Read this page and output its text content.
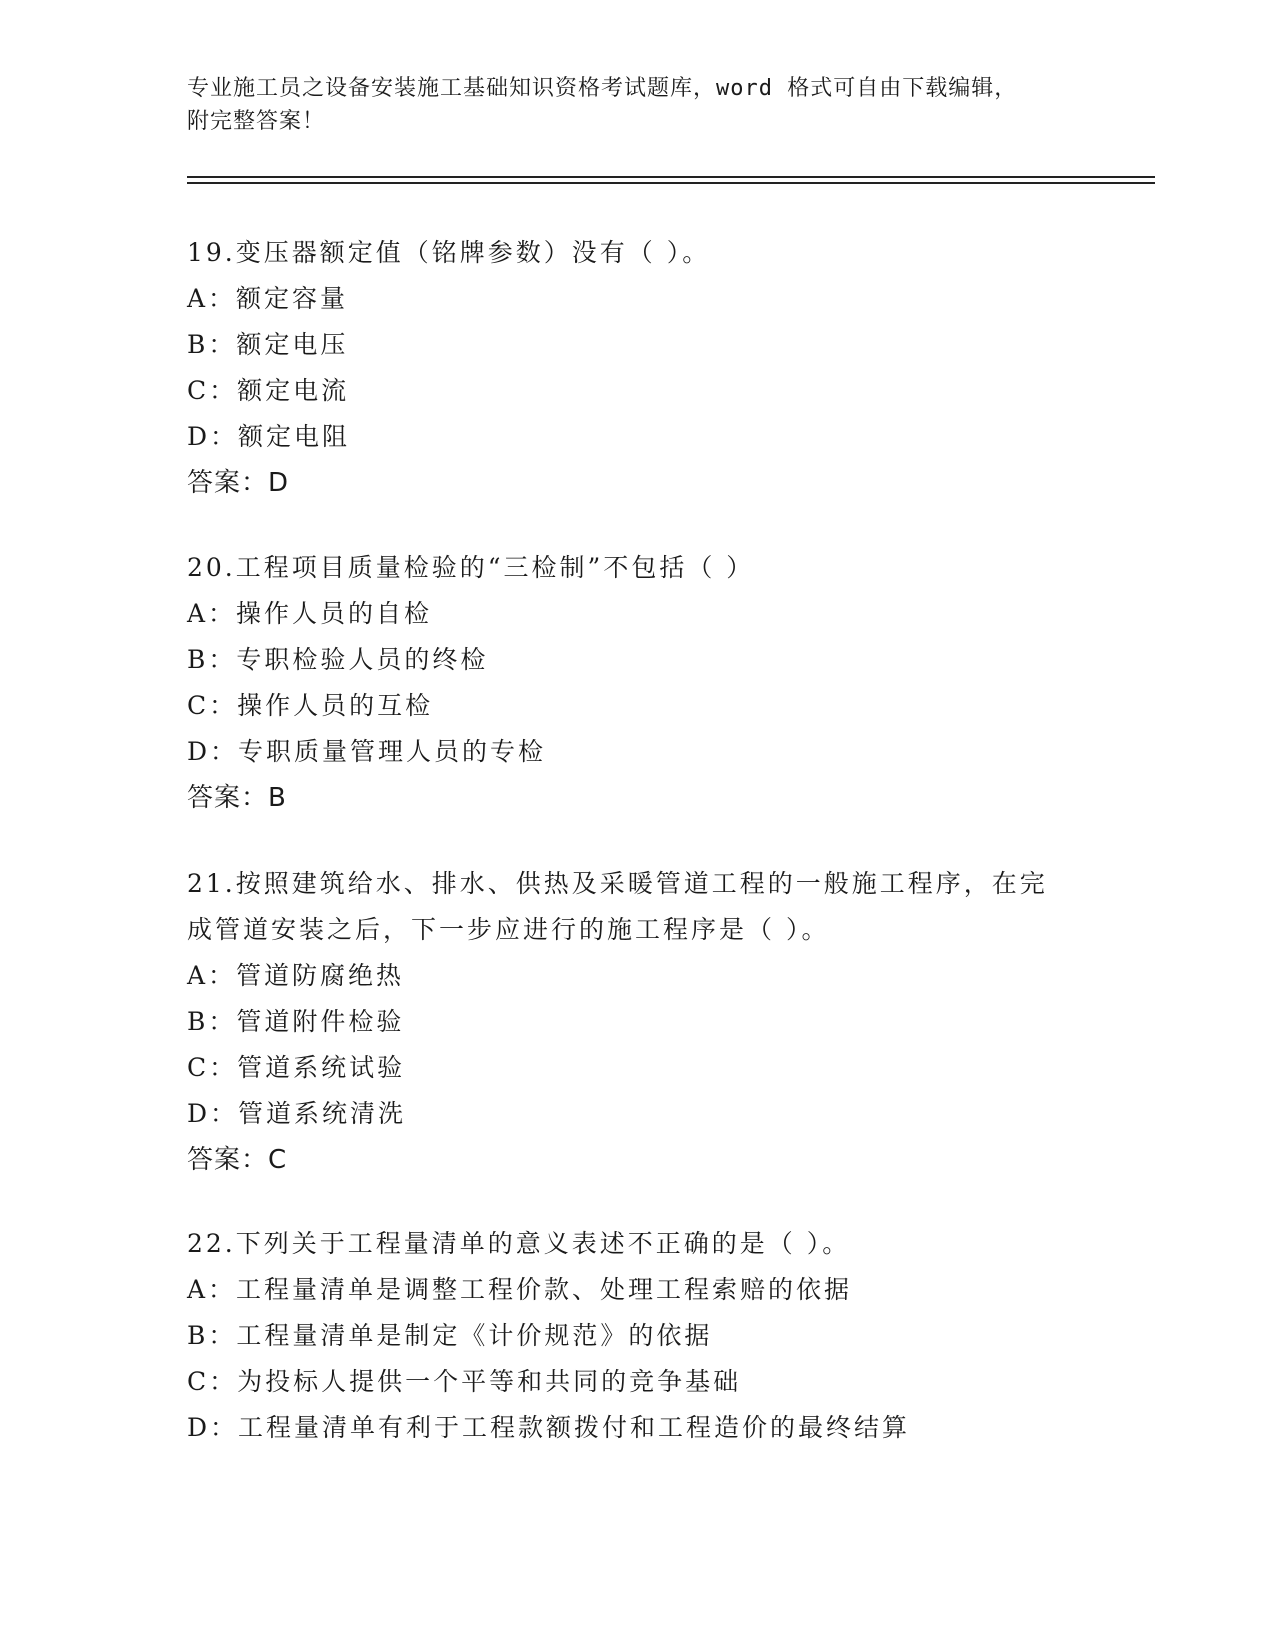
专业施工员之设备安装施工基础知识资格考试题库，word 格式可自由下载编辑，
附完整答案！
19.变压器额定值（铭牌参数）没有（ ）。
A：额定容量
B：额定电压
C：额定电流
D：额定电阻
答案：D
20.工程项目质量检验的“三检制”不包括（ ）
A：操作人员的自检
B：专职检验人员的终检
C：操作人员的互检
D：专职质量管理人员的专检
答案：B
21.按照建筑给水、排水、供热及采暖管道工程的一般施工程序，在完
成管道安装之后，下一步应进行的施工程序是（ ）。
A：管道防腐绝热
B：管道附件检验
C：管道系统试验
D：管道系统清洗
答案：C
22.下列关于工程量清单的意义表述不正确的是（ ）。
A：工程量清单是调整工程价款、处理工程索赔的依据
B：工程量清单是制定《计价规范》的依据
C：为投标人提供一个平等和共同的竞争基础
D：工程量清单有利于工程款额拨付和工程造价的最终结算
